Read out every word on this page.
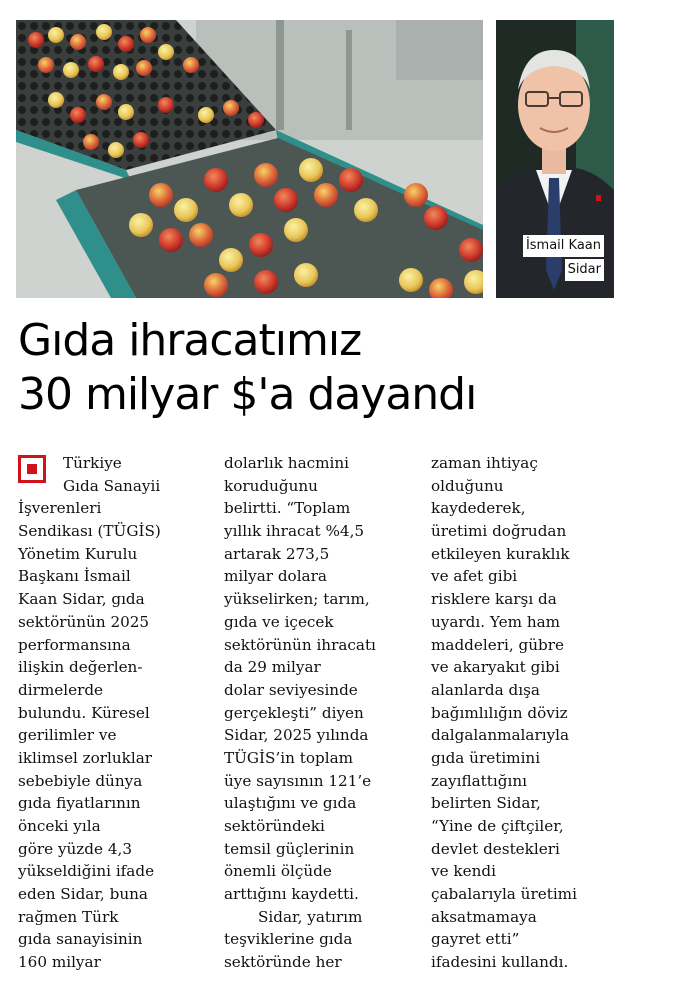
İsmail Kaan
Sidar
Gıda ihracatımız
30 milyar $'a dayandı
Türkiye
Gıda Sanayii
İşverenleri
Sendikası (TÜGİS)
Yönetim Kurulu
Başkanı İsmail
Kaan Sidar, gıda
sektörünün 2025
performansına
ilişkin değerlen-
dirmelerde
bulundu. Küresel
gerilimler ve
iklimsel zorluklar
sebebiyle dünya
gıda fiyatlarının
önceki yıla
göre yüzde 4,3
yükseldiğini ifade
eden Sidar, buna
rağmen Türk
gıda sanayisinin
160 milyar
dolarlık hacmini
koruduğunu
belirtti. “Toplam
yıllık ihracat %4,5
artarak 273,5
milyar dolara
yükselirken; tarım,
gıda ve içecek
sektörünün ihracatı
da 29 milyar
dolar seviyesinde
gerçekleşti” diyen
Sidar, 2025 yılında
TÜGİS’in toplam
üye sayısının 121’e
ulaştığını ve gıda
sektöründeki
temsil güçlerinin
önemli ölçüde
arttığını kaydetti.
Sidar, yatırım
teşviklerine gıda
sektöründe her
zaman ihtiyaç
olduğunu
kaydederek,
üretimi doğrudan
etkileyen kuraklık
ve afet gibi
risklere karşı da
uyardı. Yem ham
maddeleri, gübre
ve akaryakıt gibi
alanlarda dışa
bağımlılığın döviz
dalgalanmalarıyla
gıda üretimini
zayıflattığını
belirten Sidar,
“Yine de çiftçiler,
devlet destekleri
ve kendi
çabalarıyla üretimi
aksatmamaya
gayret etti”
ifadesini kullandı.
